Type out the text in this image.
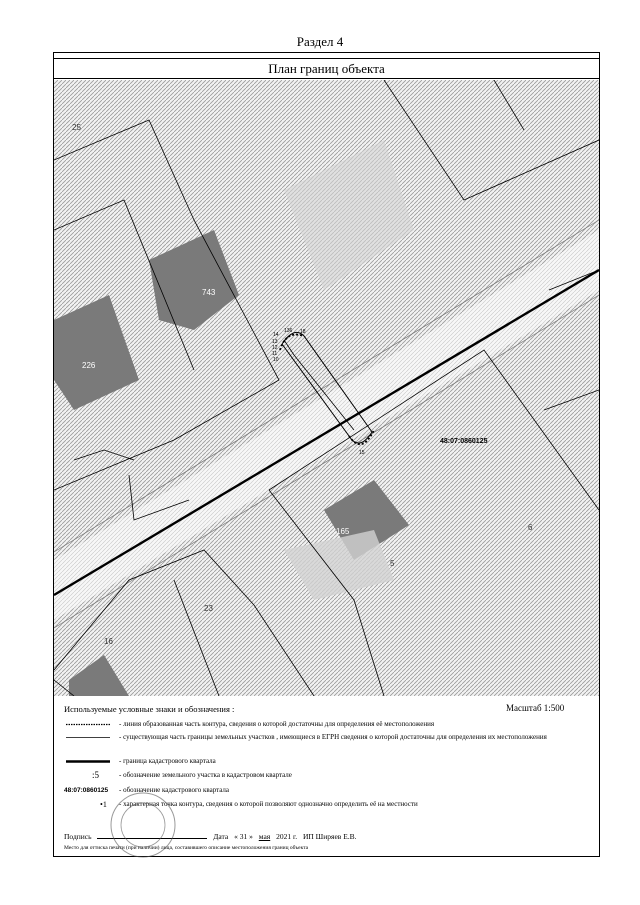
Раздел 4
План границ объекта
25
743
226
6
165
5
23
16
48:07:0860125
14
13
12
11
10
136 18
15
Используемые условные знаки и обозначения :	Масштаб 1:500
- линия образованная часть контура, сведения о которой достаточны для определения её местоположения
- существующая часть границы земельных участков , имеющиеся в ЕГРН сведения о которой достаточны для определения их местоположения
- граница кадастрового квартала
:5	- обозначение земельного участка в кадастровом квартале
48:07:0860125	- обозначение кадастрового квартала
•1	- характерная точка контура, сведения о которой позволяют однозначно определить её на местности
Подпись	Дата « 31 » мая 2021 г. ИП Ширяев Е.В.
Место для оттиска печати (при наличии) лица, составившего описание местоположения границ объекта
